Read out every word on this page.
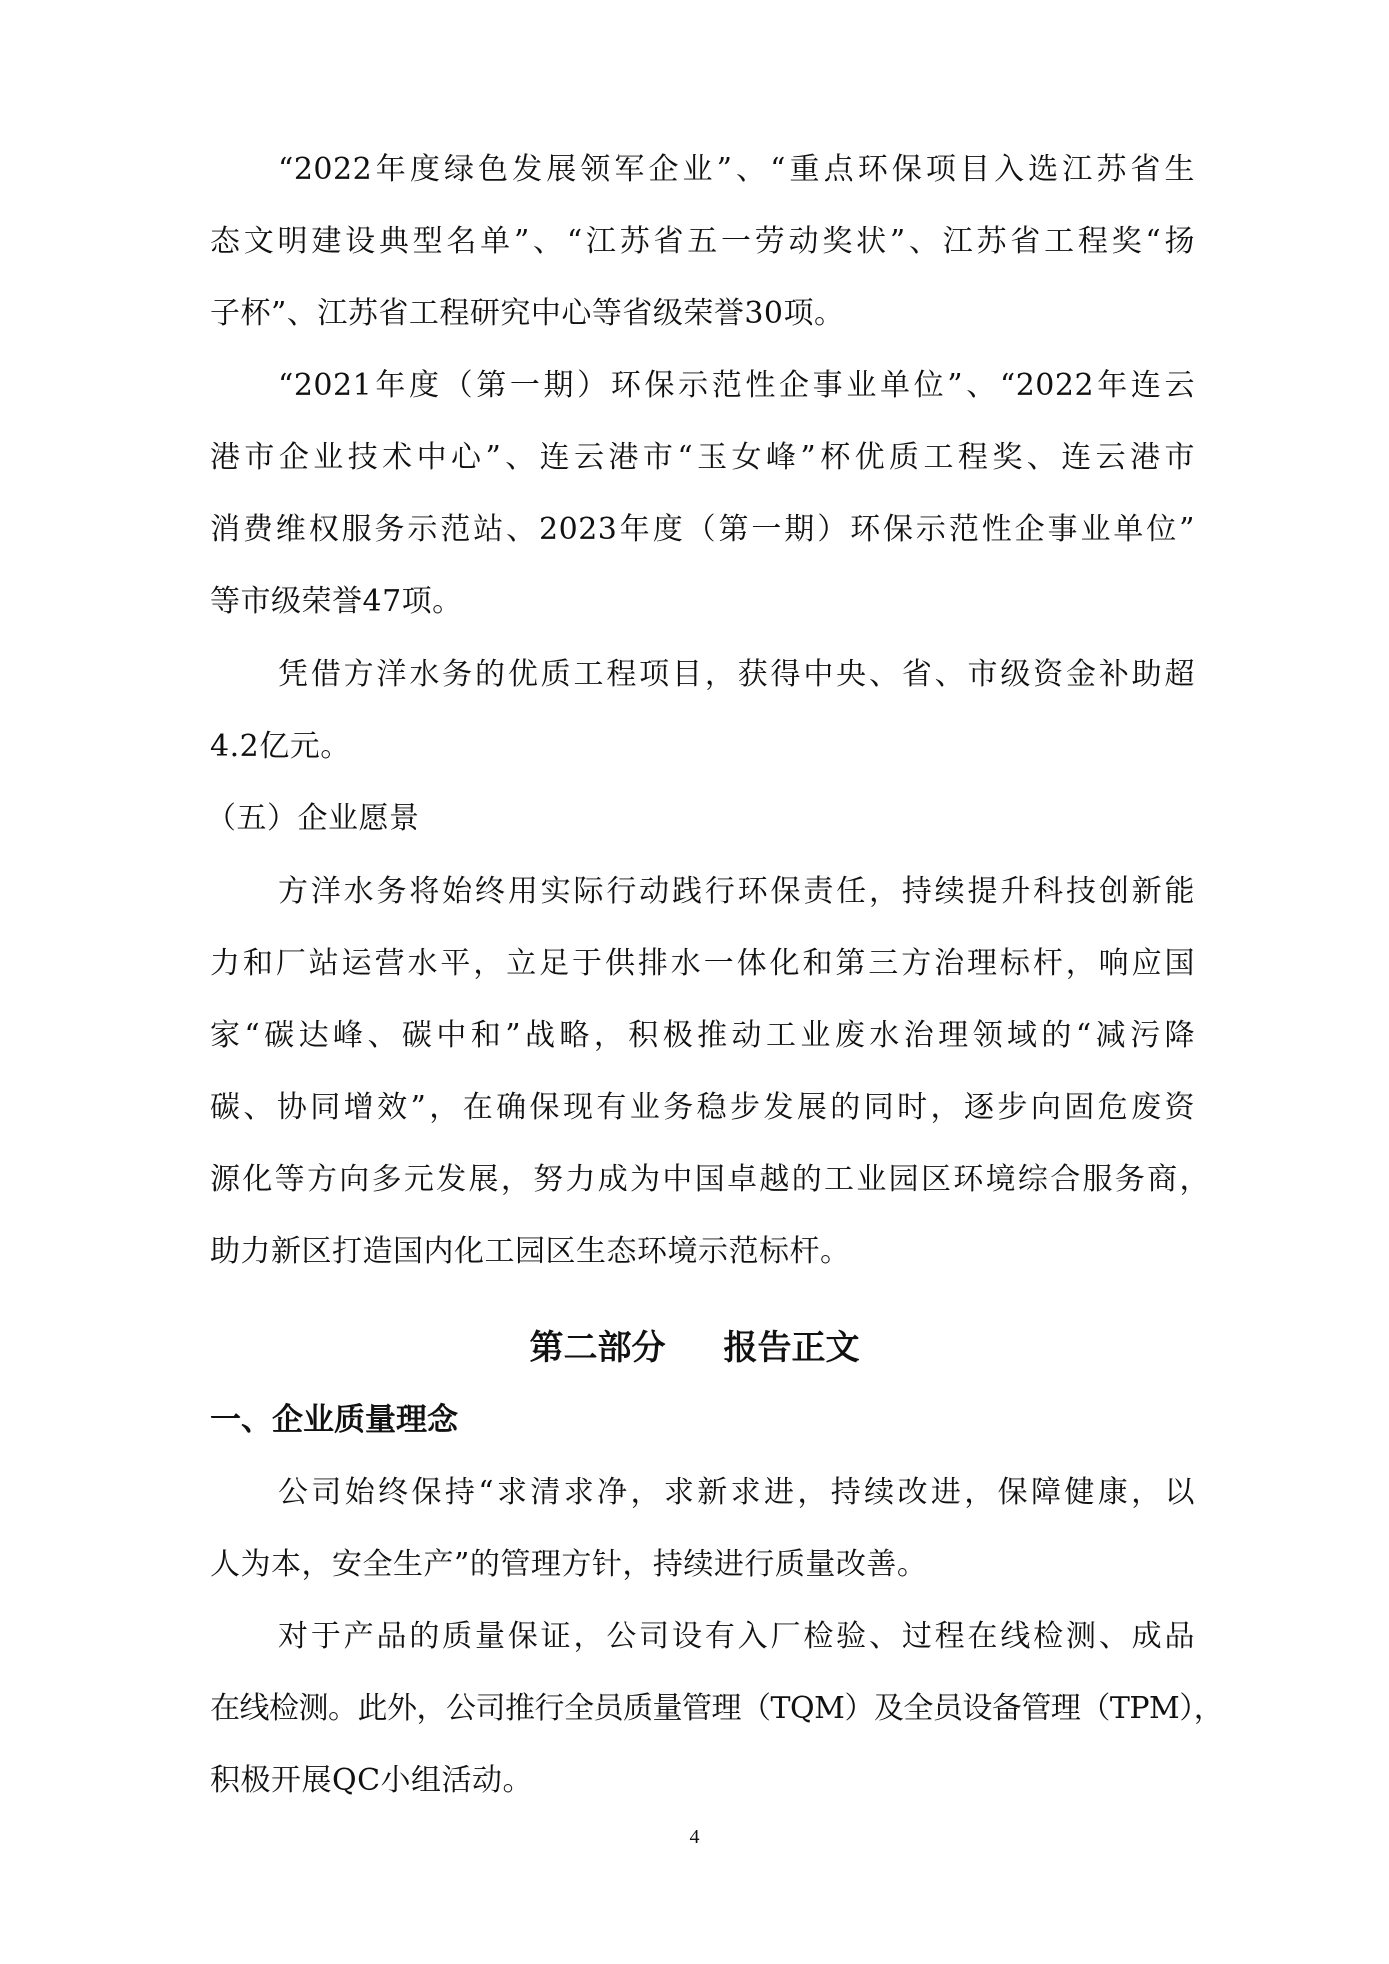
“2022年度绿色发展领军企业”、“重点环保项目入选江苏省生
态文明建设典型名单”、“江苏省五一劳动奖状”、江苏省工程奖“扬
子杯”、江苏省工程研究中心等省级荣誉30项。
“2021年度（第一期）环保示范性企事业单位”、“2022年连云
港市企业技术中心”、连云港市“玉女峰”杯优质工程奖、连云港市
消费维权服务示范站、2023年度（第一期）环保示范性企事业单位”
等市级荣誉47项。
凭借方洋水务的优质工程项目，获得中央、省、市级资金补助超
4.2亿元。
（五）企业愿景
方洋水务将始终用实际行动践行环保责任，持续提升科技创新能
力和厂站运营水平，立足于供排水一体化和第三方治理标杆，响应国
家“碳达峰、碳中和”战略，积极推动工业废水治理领域的“减污降
碳、协同增效”，在确保现有业务稳步发展的同时，逐步向固危废资
源化等方向多元发展，努力成为中国卓越的工业园区环境综合服务商，
助力新区打造国内化工园区生态环境示范标杆。
第二部分 报告正文
一、企业质量理念
公司始终保持“求清求净，求新求进，持续改进，保障健康，以
人为本，安全生产”的管理方针，持续进行质量改善。
对于产品的质量保证，公司设有入厂检验、过程在线检测、成品
在线检测。此外，公司推行全员质量管理（TQM）及全员设备管理（TPM），
积极开展QC小组活动。
4
